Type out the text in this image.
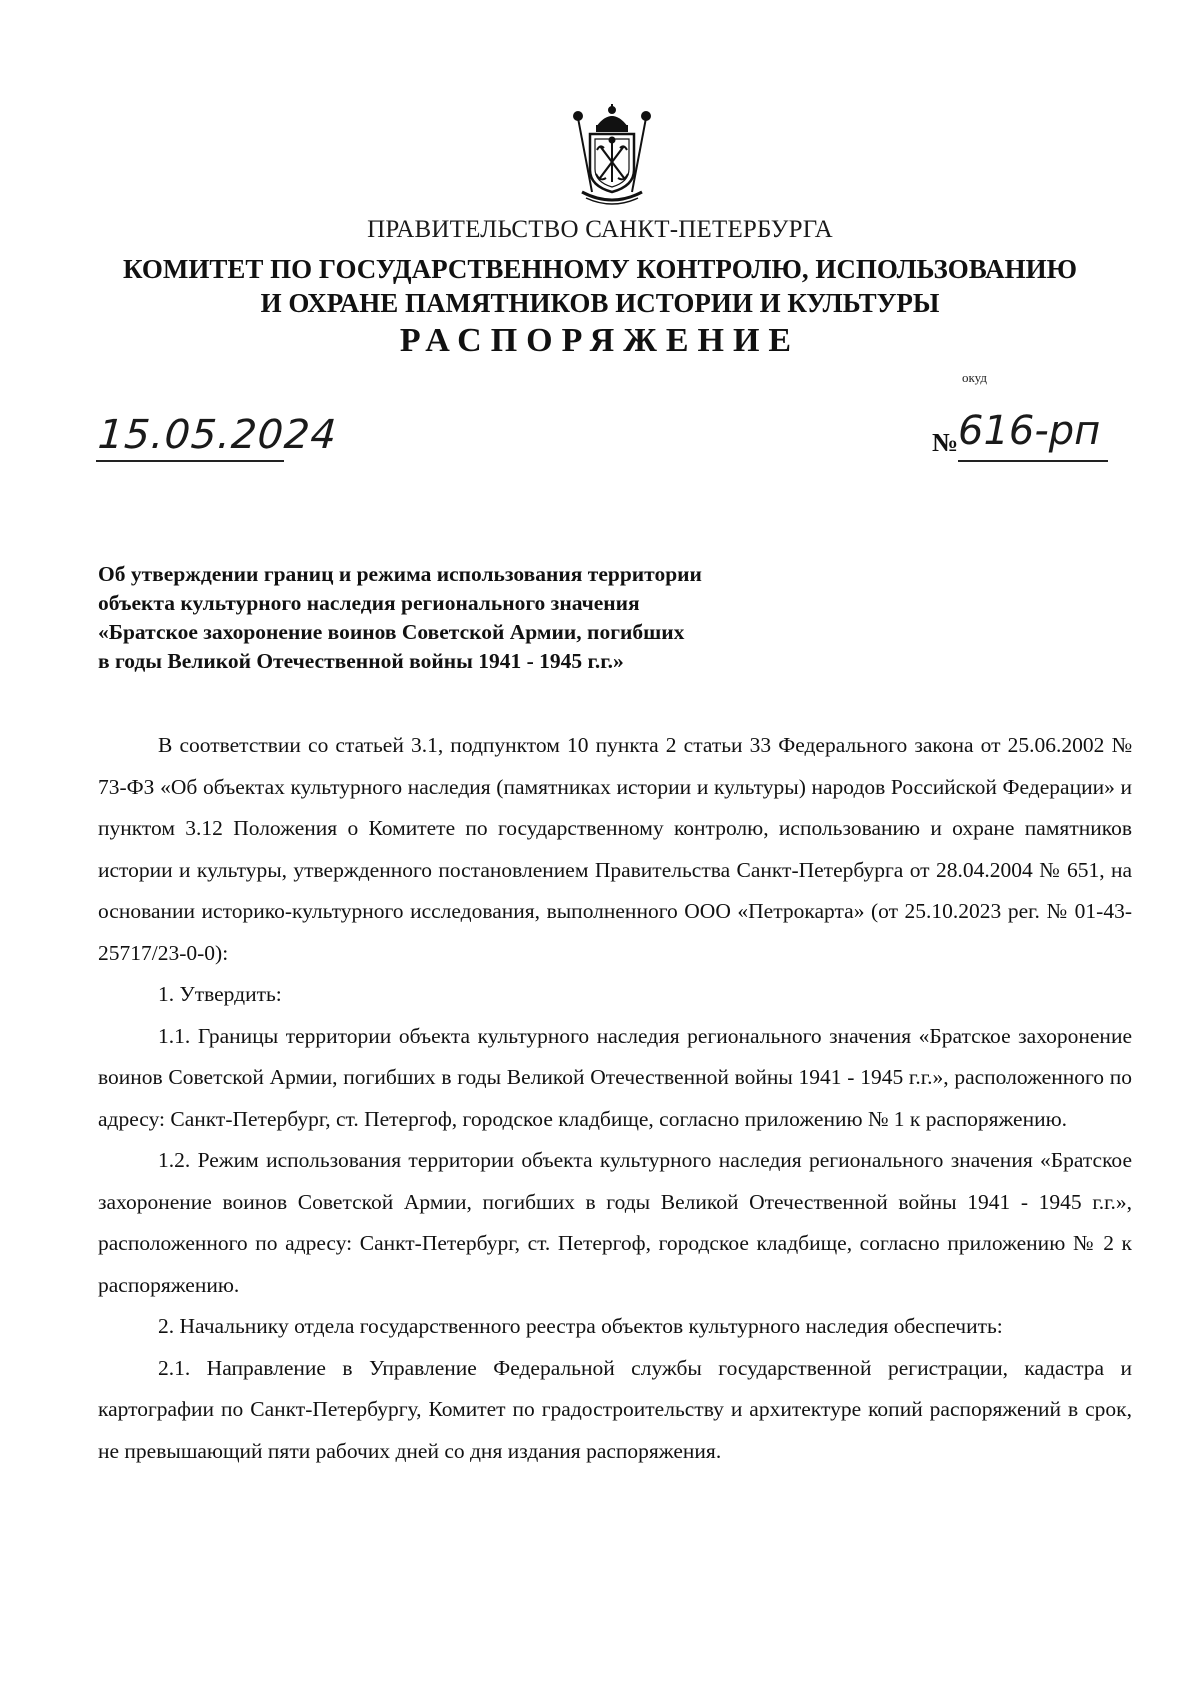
ПРАВИТЕЛЬСТВО САНКТ-ПЕТЕРБУРГА
КОМИТЕТ ПО ГОСУДАРСТВЕННОМУ КОНТРОЛЮ, ИСПОЛЬЗОВАНИЮ
И ОХРАНЕ ПАМЯТНИКОВ ИСТОРИИ И КУЛЬТУРЫ
РАСПОРЯЖЕНИЕ
окуд
15.05.2024	№ 616-рп
Об утверждении границ и режима использования территории
объекта культурного наследия регионального значения
«Братское захоронение воинов Советской Армии, погибших
в годы Великой Отечественной войны 1941 - 1945 г.г.»

В соответствии со статьей 3.1, подпунктом 10 пункта 2 статьи 33 Федерального закона от 25.06.2002 № 73-ФЗ «Об объектах культурного наследия (памятниках истории и культуры) народов Российской Федерации» и пунктом 3.12 Положения о Комитете по государственному контролю, использованию и охране памятников истории и культуры, утвержденного постановлением Правительства Санкт-Петербурга от 28.04.2004 № 651, на основании историко-культурного исследования, выполненного ООО «Петрокарта» (от 25.10.2023 рег. № 01-43-25717/23-0-0):

1. Утвердить:

1.1. Границы территории объекта культурного наследия регионального значения «Братское захоронение воинов Советской Армии, погибших в годы Великой Отечественной войны 1941 - 1945 г.г.», расположенного по адресу: Санкт-Петербург, ст. Петергоф, городское кладбище, согласно приложению № 1 к распоряжению.

1.2. Режим использования территории объекта культурного наследия регионального значения «Братское захоронение воинов Советской Армии, погибших в годы Великой Отечественной войны 1941 - 1945 г.г.», расположенного по адресу: Санкт-Петербург, ст. Петергоф, городское кладбище, согласно приложению № 2 к распоряжению.

2. Начальнику отдела государственного реестра объектов культурного наследия обеспечить:

2.1. Направление в Управление Федеральной службы государственной регистрации, кадастра и картографии по Санкт-Петербургу, Комитет по градостроительству и архитектуре копий распоряжений в срок, не превышающий пяти рабочих дней со дня издания распоряжения.
